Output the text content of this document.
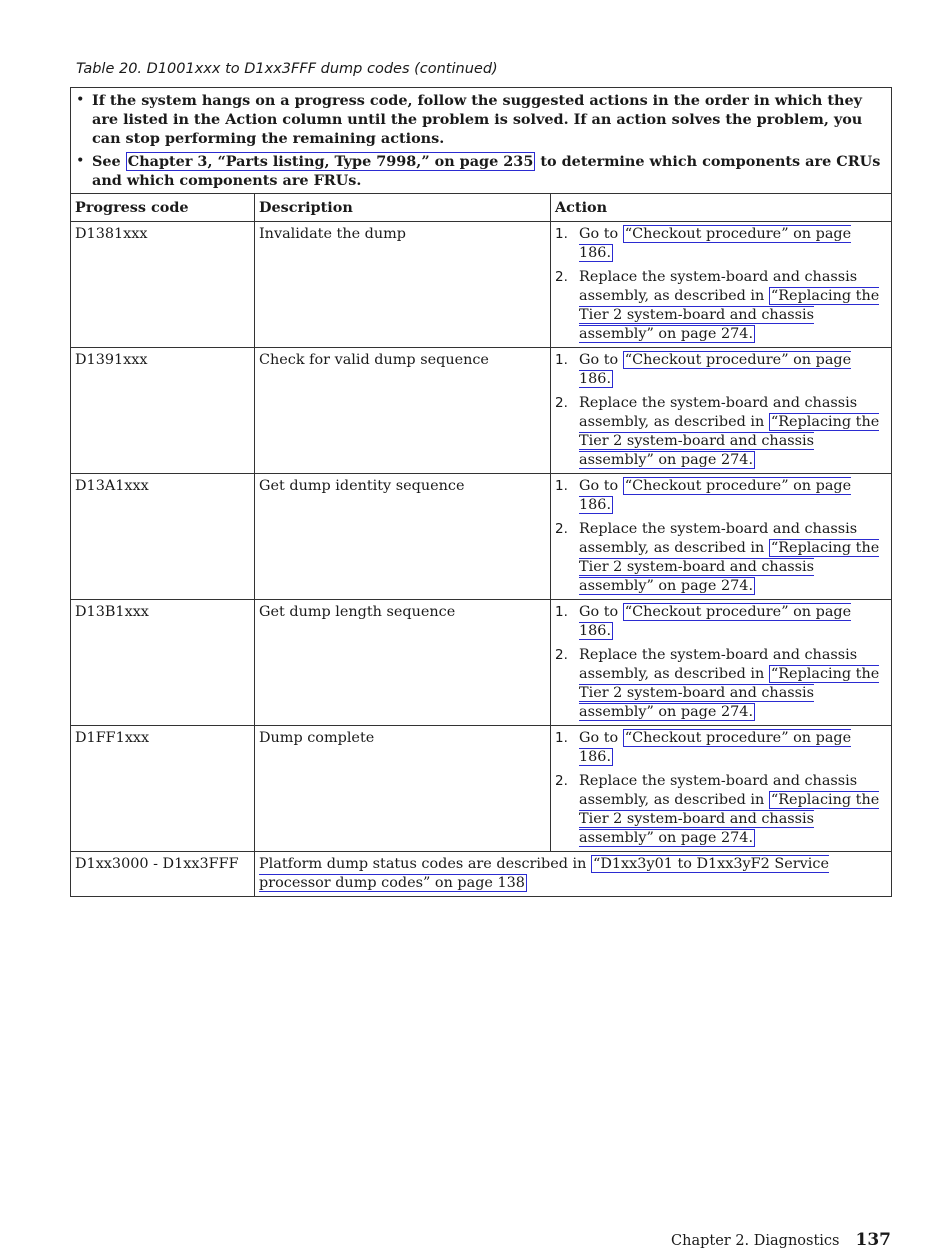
Table 20. D1001xxx to D1xx3FFF dump codes (continued)
• If the system hangs on a progress code, follow the suggested actions in the order in which they are listed in the Action column until the problem is solved. If an action solves the problem, you can stop performing the remaining actions.
• See Chapter 3, “Parts listing, Type 7998,” on page 235 to determine which components are CRUs and which components are FRUs.		

Progress code	Description	Action
D1381xxx	Invalidate the dump	1. Go to “Checkout procedure” on page 186.
2. Replace the system-board and chassis assembly, as described in “Replacing the Tier 2 system-board and chassis assembly” on page 274.

D1391xxx	Check for valid dump sequence	1. Go to “Checkout procedure” on page 186.
2. Replace the system-board and chassis assembly, as described in “Replacing the Tier 2 system-board and chassis assembly” on page 274.

D13A1xxx	Get dump identity sequence	1. Go to “Checkout procedure” on page 186.
2. Replace the system-board and chassis assembly, as described in “Replacing the Tier 2 system-board and chassis assembly” on page 274.

D13B1xxx	Get dump length sequence	1. Go to “Checkout procedure” on page 186.
2. Replace the system-board and chassis assembly, as described in “Replacing the Tier 2 system-board and chassis assembly” on page 274.

D1FF1xxx	Dump complete	1. Go to “Checkout procedure” on page 186.
2. Replace the system-board and chassis assembly, as described in “Replacing the Tier 2 system-board and chassis assembly” on page 274.

D1xx3000 - D1xx3FFF	Platform dump status codes are described in “D1xx3y01 to D1xx3yF2 Service processor dump codes” on page 138	
Chapter 2. Diagnostics 137
